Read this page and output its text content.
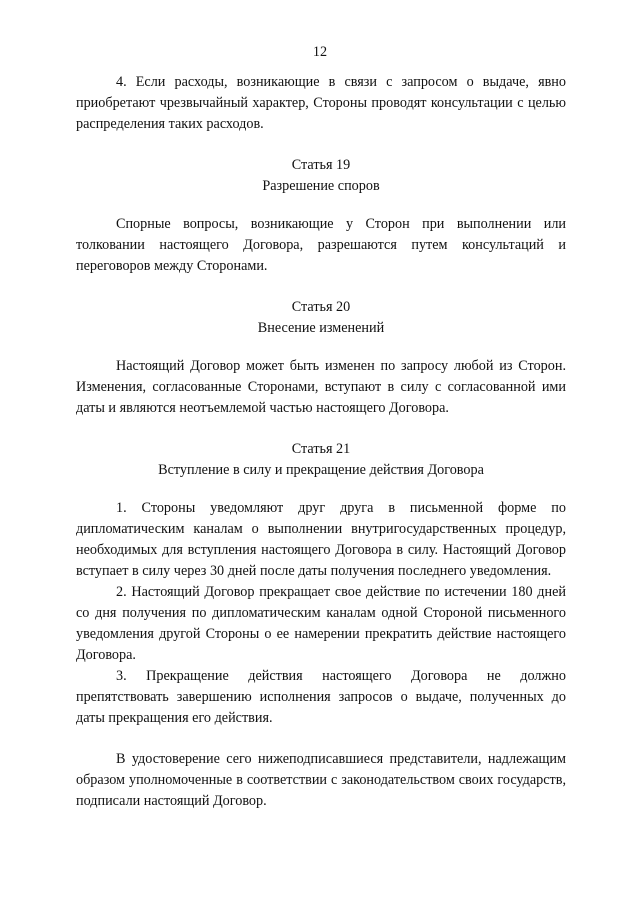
12

4. Если расходы, возникающие в связи с запросом о выдаче, явно приобретают чрезвычайный характер, Стороны проводят консультации с целью распределения таких расходов.

Статья 19

Разрешение споров

Спорные вопросы, возникающие у Сторон при выполнении или толковании настоящего Договора, разрешаются путем консультаций и переговоров между Сторонами.

Статья 20

Внесение изменений

Настоящий Договор может быть изменен по запросу любой из Сторон. Изменения, согласованные Сторонами, вступают в силу с согласованной ими даты и являются неотъемлемой частью настоящего Договора.

Статья 21

Вступление в силу и прекращение действия Договора

1. Стороны уведомляют друг друга в письменной форме по дипломатическим каналам о выполнении внутригосударственных процедур, необходимых для вступления настоящего Договора в силу. Настоящий Договор вступает в силу через 30 дней после даты получения последнего уведомления.

2. Настоящий Договор прекращает свое действие по истечении 180 дней со дня получения по дипломатическим каналам одной Стороной письменного уведомления другой Стороны о ее намерении прекратить действие настоящего Договора.

3. Прекращение действия настоящего Договора не должно препятствовать завершению исполнения запросов о выдаче, полученных до даты прекращения его действия.

В удостоверение сего нижеподписавшиеся представители, надлежащим образом уполномоченные в соответствии с законодательством своих государств, подписали настоящий Договор.
